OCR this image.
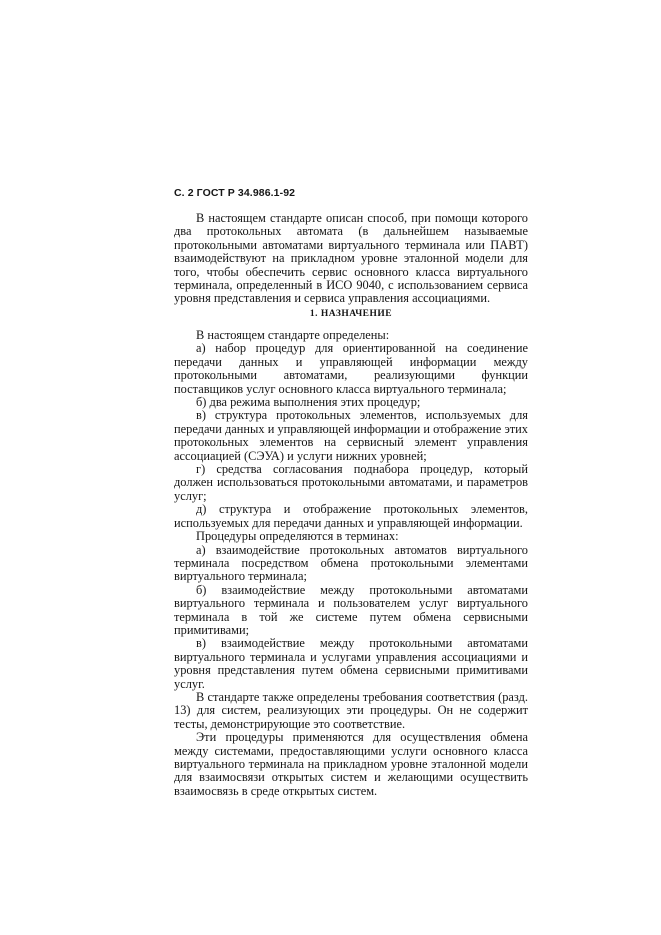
С. 2 ГОСТ Р 34.986.1-92

В настоящем стандарте описан способ, при помощи которого два протокольных автомата (в дальнейшем называемые протокольными автоматами виртуального терминала или ПАВТ) взаимодействуют на прикладном уровне эталонной модели для того, чтобы обеспечить сервис основного класса виртуального терминала, определенный в ИСО 9040, с использованием сервиса уровня представления и сервиса управления ассоциациями.

1. НАЗНАЧЕНИЕ

В настоящем стандарте определены:

а) набор процедур для ориентированной на соединение передачи данных и управляющей информации между протокольными автоматами, реализующими функции поставщиков услуг основного класса виртуального терминала;

б) два режима выполнения этих процедур;

в) структура протокольных элементов, используемых для передачи данных и управляющей информации и отображение этих протокольных элементов на сервисный элемент управления ассоциацией (СЭУА) и услуги нижних уровней;

г) средства согласования поднабора процедур, который должен использоваться протокольными автоматами, и параметров услуг;

д) структура и отображение протокольных элементов, используемых для передачи данных и управляющей информации.

Процедуры определяются в терминах:

а) взаимодействие протокольных автоматов виртуального терминала посредством обмена протокольными элементами виртуального терминала;

б) взаимодействие между протокольными автоматами виртуального терминала и пользователем услуг виртуального терминала в той же системе путем обмена сервисными примитивами;

в) взаимодействие между протокольными автоматами виртуального терминала и услугами управления ассоциациями и уровня представления путем обмена сервисными примитивами услуг.

В стандарте также определены требования соответствия (разд. 13) для систем, реализующих эти процедуры. Он не содержит тесты, демонстрирующие это соответствие.

Эти процедуры применяются для осуществления обмена между системами, предоставляющими услуги основного класса виртуального терминала на прикладном уровне эталонной модели для взаимосвязи открытых систем и желающими осуществить взаимосвязь в среде открытых систем.
